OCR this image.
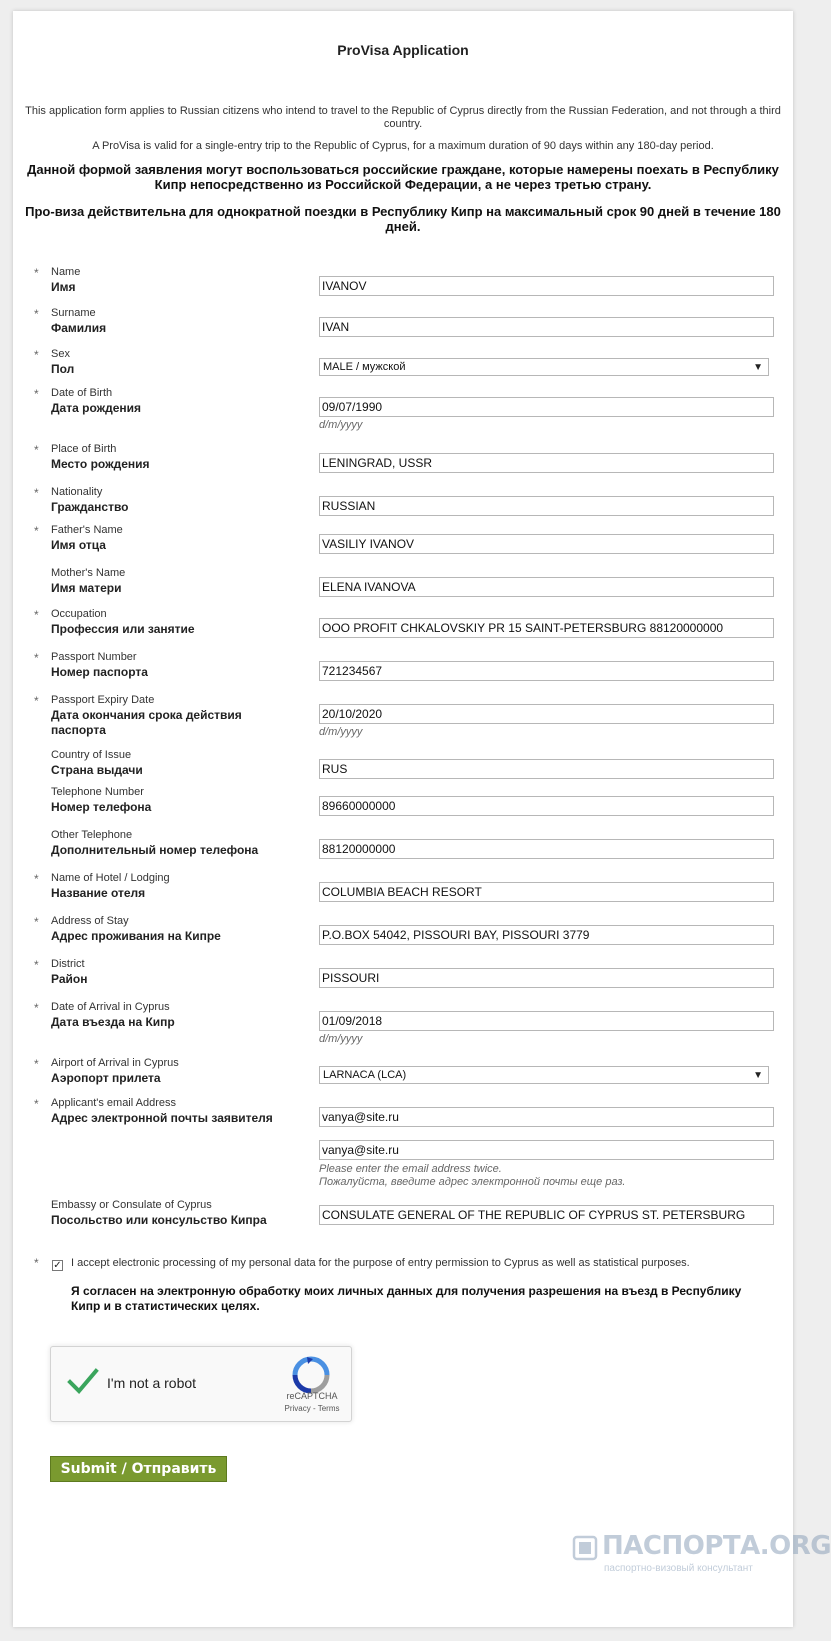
ProVisa Application
This application form applies to Russian citizens who intend to travel to the Republic of Cyprus directly from the Russian Federation, and not through a third country.
A ProVisa is valid for a single-entry trip to the Republic of Cyprus, for a maximum duration of 90 days within any 180-day period.
Данной формой заявления могут воспользоваться российские граждане, которые намерены поехать в Республику Кипр непосредственно из Российской Федерации, а не через третью страну.
Про-виза действительна для однократной поездки в Республику Кипр на максимальный срок 90 дней в течение 180 дней.
* Name
Имя	IVANOV
* Surname
Фамилия	IVAN
* Sex
Пол	MALE / мужской	▼
* Date of Birth
Дата рождения	09/07/1990
d/m/yyyy
* Place of Birth
Место рождения	LENINGRAD, USSR
* Nationality
Гражданство	RUSSIAN
* Father's Name
Имя отца	VASILIY IVANOV
Mother's Name
Имя матери	ELENA IVANOVA
* Occupation
Профессия или занятие	OOO PROFIT CHKALOVSKIY PR 15 SAINT-PETERSBURG 88120000000
* Passport Number
Номер паспорта	721234567
* Passport Expiry Date
Дата окончания срока действия паспорта
20/10/2020
d/m/yyyy
Country of Issue
Страна выдачи	RUS
Telephone Number
Номер телефона	89660000000
Other Telephone
Дополнительный номер телефона	88120000000
* Name of Hotel / Lodging
Название отеля	COLUMBIA BEACH RESORT
* Address of Stay
Адрес проживания на Кипре	P.O.BOX 54042, PISSOURI BAY, PISSOURI 3779
* District
Район	PISSOURI
* Date of Arrival in Cyprus
Дата въезда на Кипр	01/09/2018
d/m/yyyy
* Airport of Arrival in Cyprus
Аэропорт прилета	LARNACA (LCA)	▼
* Applicant's email Address
Адрес электронной почты заявителя	vanya@site.ru
vanya@site.ru
Please enter the email address twice.
Пожалуйста, введите адрес электронной почты еще раз.
Embassy or Consulate of Cyprus
Посольство или консульство Кипра	CONSULATE GENERAL OF THE REPUBLIC OF CYPRUS ST. PETERSBURG
* ✓ I accept electronic processing of my personal data for the purpose of entry permission to Cyprus as well as statistical purposes.
Я согласен на электронную обработку моих личных данных для получения разрешения на въезд в Республику Кипр и в статистических целях.
I'm not a robot
reCAPTCHA
Privacy - Terms
Submit / Отправить
ПАСПОРТА.ORG
паспортно-визовый консультант
